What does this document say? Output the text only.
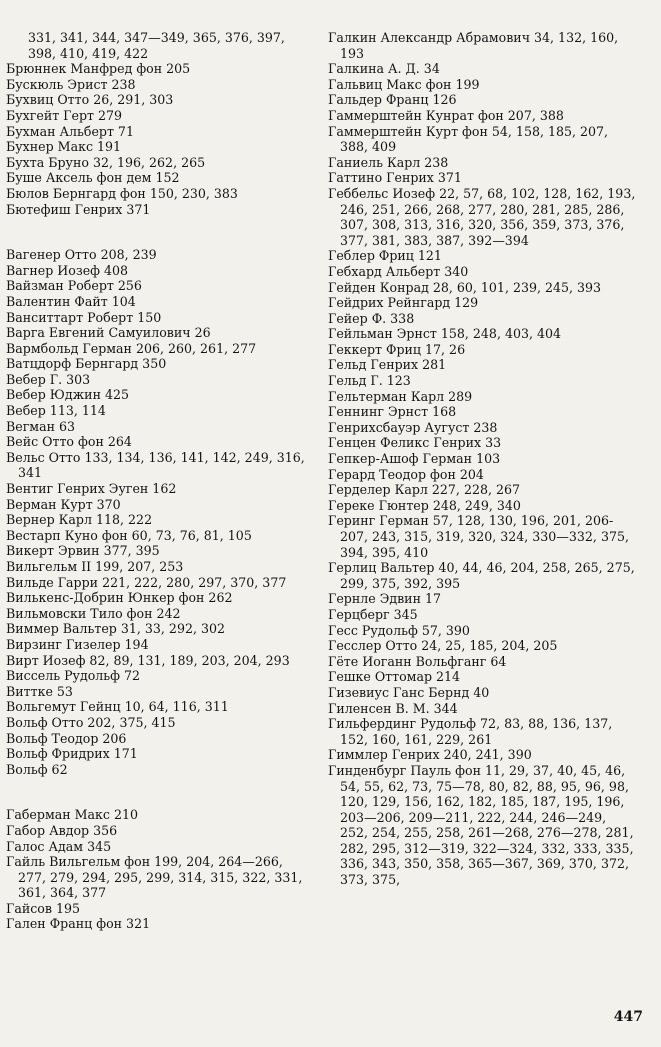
331, 341, 344, 347—349, 365, 376, 397, 398, 410, 419, 422
Брюннек Манфред фон 205
Бускюль Эрист 238
Бухвиц Отто 26, 291, 303
Бухгейт Герт 279
Бухман Альберт 71
Бухнер Макс 191
Бухта Бруно 32, 196, 262, 265
Буше Аксель фон дем 152
Бюлов Бернгард фон 150, 230, 383
Бютефиш Генрих 371
Вагенер Отто 208, 239
Вагнер Иозеф 408
Вайзман Роберт 256
Валентин Файт 104
Ванситтарт Роберт 150
Варга Евгений Самуилович 26
Вармбольд Герман 206, 260, 261, 277
Ватцдорф Бернгард 350
Вебер Г. 303
Вебер Юджин 425
Вебер 113, 114
Вегман 63
Вейс Отто фон 264
Вельс Отто 133, 134, 136, 141, 142, 249, 316, 341
Вентиг Генрих Эуген 162
Верман Курт 370
Вернер Карл 118, 222
Вестарп Куно фон 60, 73, 76, 81, 105
Викерт Эрвин 377, 395
Вильгельм II 199, 207, 253
Вильде Гарри 221, 222, 280, 297, 370, 377
Вилькенс-Добрин Юнкер фон 262
Вильмовски Тило фон 242
Виммер Вальтер 31, 33, 292, 302
Вирзинг Гизелер 194
Вирт Иозеф 82, 89, 131, 189, 203, 204, 293
Виссель Рудольф 72
Виттке 53
Вольгемут Гейнц 10, 64, 116, 311
Вольф Отто 202, 375, 415
Вольф Теодор 206
Вольф Фридрих 171
Вольф 62
Габерман Макс 210
Габор Авдор 356
Галос Адам 345
Гайль Вильгельм фон 199, 204, 264—266, 277, 279, 294, 295, 299, 314, 315, 322, 331, 361, 364, 377
Гайсов 195
Гален Франц фон 321
Галкин Александр Абрамович 34, 132, 160, 193
Галкина А. Д. 34
Гальвиц Макс фон 199
Гальдер Франц 126
Гаммерштейн Кунрат фон 207, 388
Гаммерштейн Курт фон 54, 158, 185, 207, 388, 409
Ганиель Карл 238
Гаттино Генрих 371
Геббельс Иозеф 22, 57, 68, 102, 128, 162, 193, 246, 251, 266, 268, 277, 280, 281, 285, 286, 307, 308, 313, 316, 320, 356, 359, 373, 376, 377, 381, 383, 387, 392—394
Геблер Фриц 121
Гебхард Альберт 340
Гейден Конрад 28, 60, 101, 239, 245, 393
Гейдрих Рейнгард 129
Гейер Ф. 338
Гейльман Эрнст 158, 248, 403, 404
Геккерт Фриц 17, 26
Гельд Генрих 281
Гельд Г. 123
Гельтерман Карл 289
Геннинг Эрнст 168
Генрихсбауэр Аугуст 238
Генцен Феликс Генрих 33
Гепкер-Ашоф Герман 103
Герард Теодор фон 204
Герделер Карл 227, 228, 267
Гереке Гюнтер 248, 249, 340
Геринг Герман 57, 128, 130, 196, 201, 206-207, 243, 315, 319, 320, 324, 330—332, 375, 394, 395, 410
Герлиц Вальтер 40, 44, 46, 204, 258, 265, 275, 299, 375, 392, 395
Гернле Эдвин 17
Герцберг 345
Гесс Рудольф 57, 390
Гесслер Отто 24, 25, 185, 204, 205
Гёте Иоганн Вольфганг 64
Гешке Оттомар 214
Гизевиус Ганс Бернд 40
Гиленсен В. М. 344
Гильфердинг Рудольф 72, 83, 88, 136, 137, 152, 160, 161, 229, 261
Гиммлер Генрих 240, 241, 390
Гинденбург Пауль фон 11, 29, 37, 40, 45, 46, 54, 55, 62, 73, 75—78, 80, 82, 88, 95, 96, 98, 120, 129, 156, 162, 182, 185, 187, 195, 196, 203—206, 209—211, 222, 244, 246—249, 252, 254, 255, 258, 261—268, 276—278, 281, 282, 295, 312—319, 322—324, 332, 333, 335, 336, 343, 350, 358, 365—367, 369, 370, 372, 373, 375,
447
